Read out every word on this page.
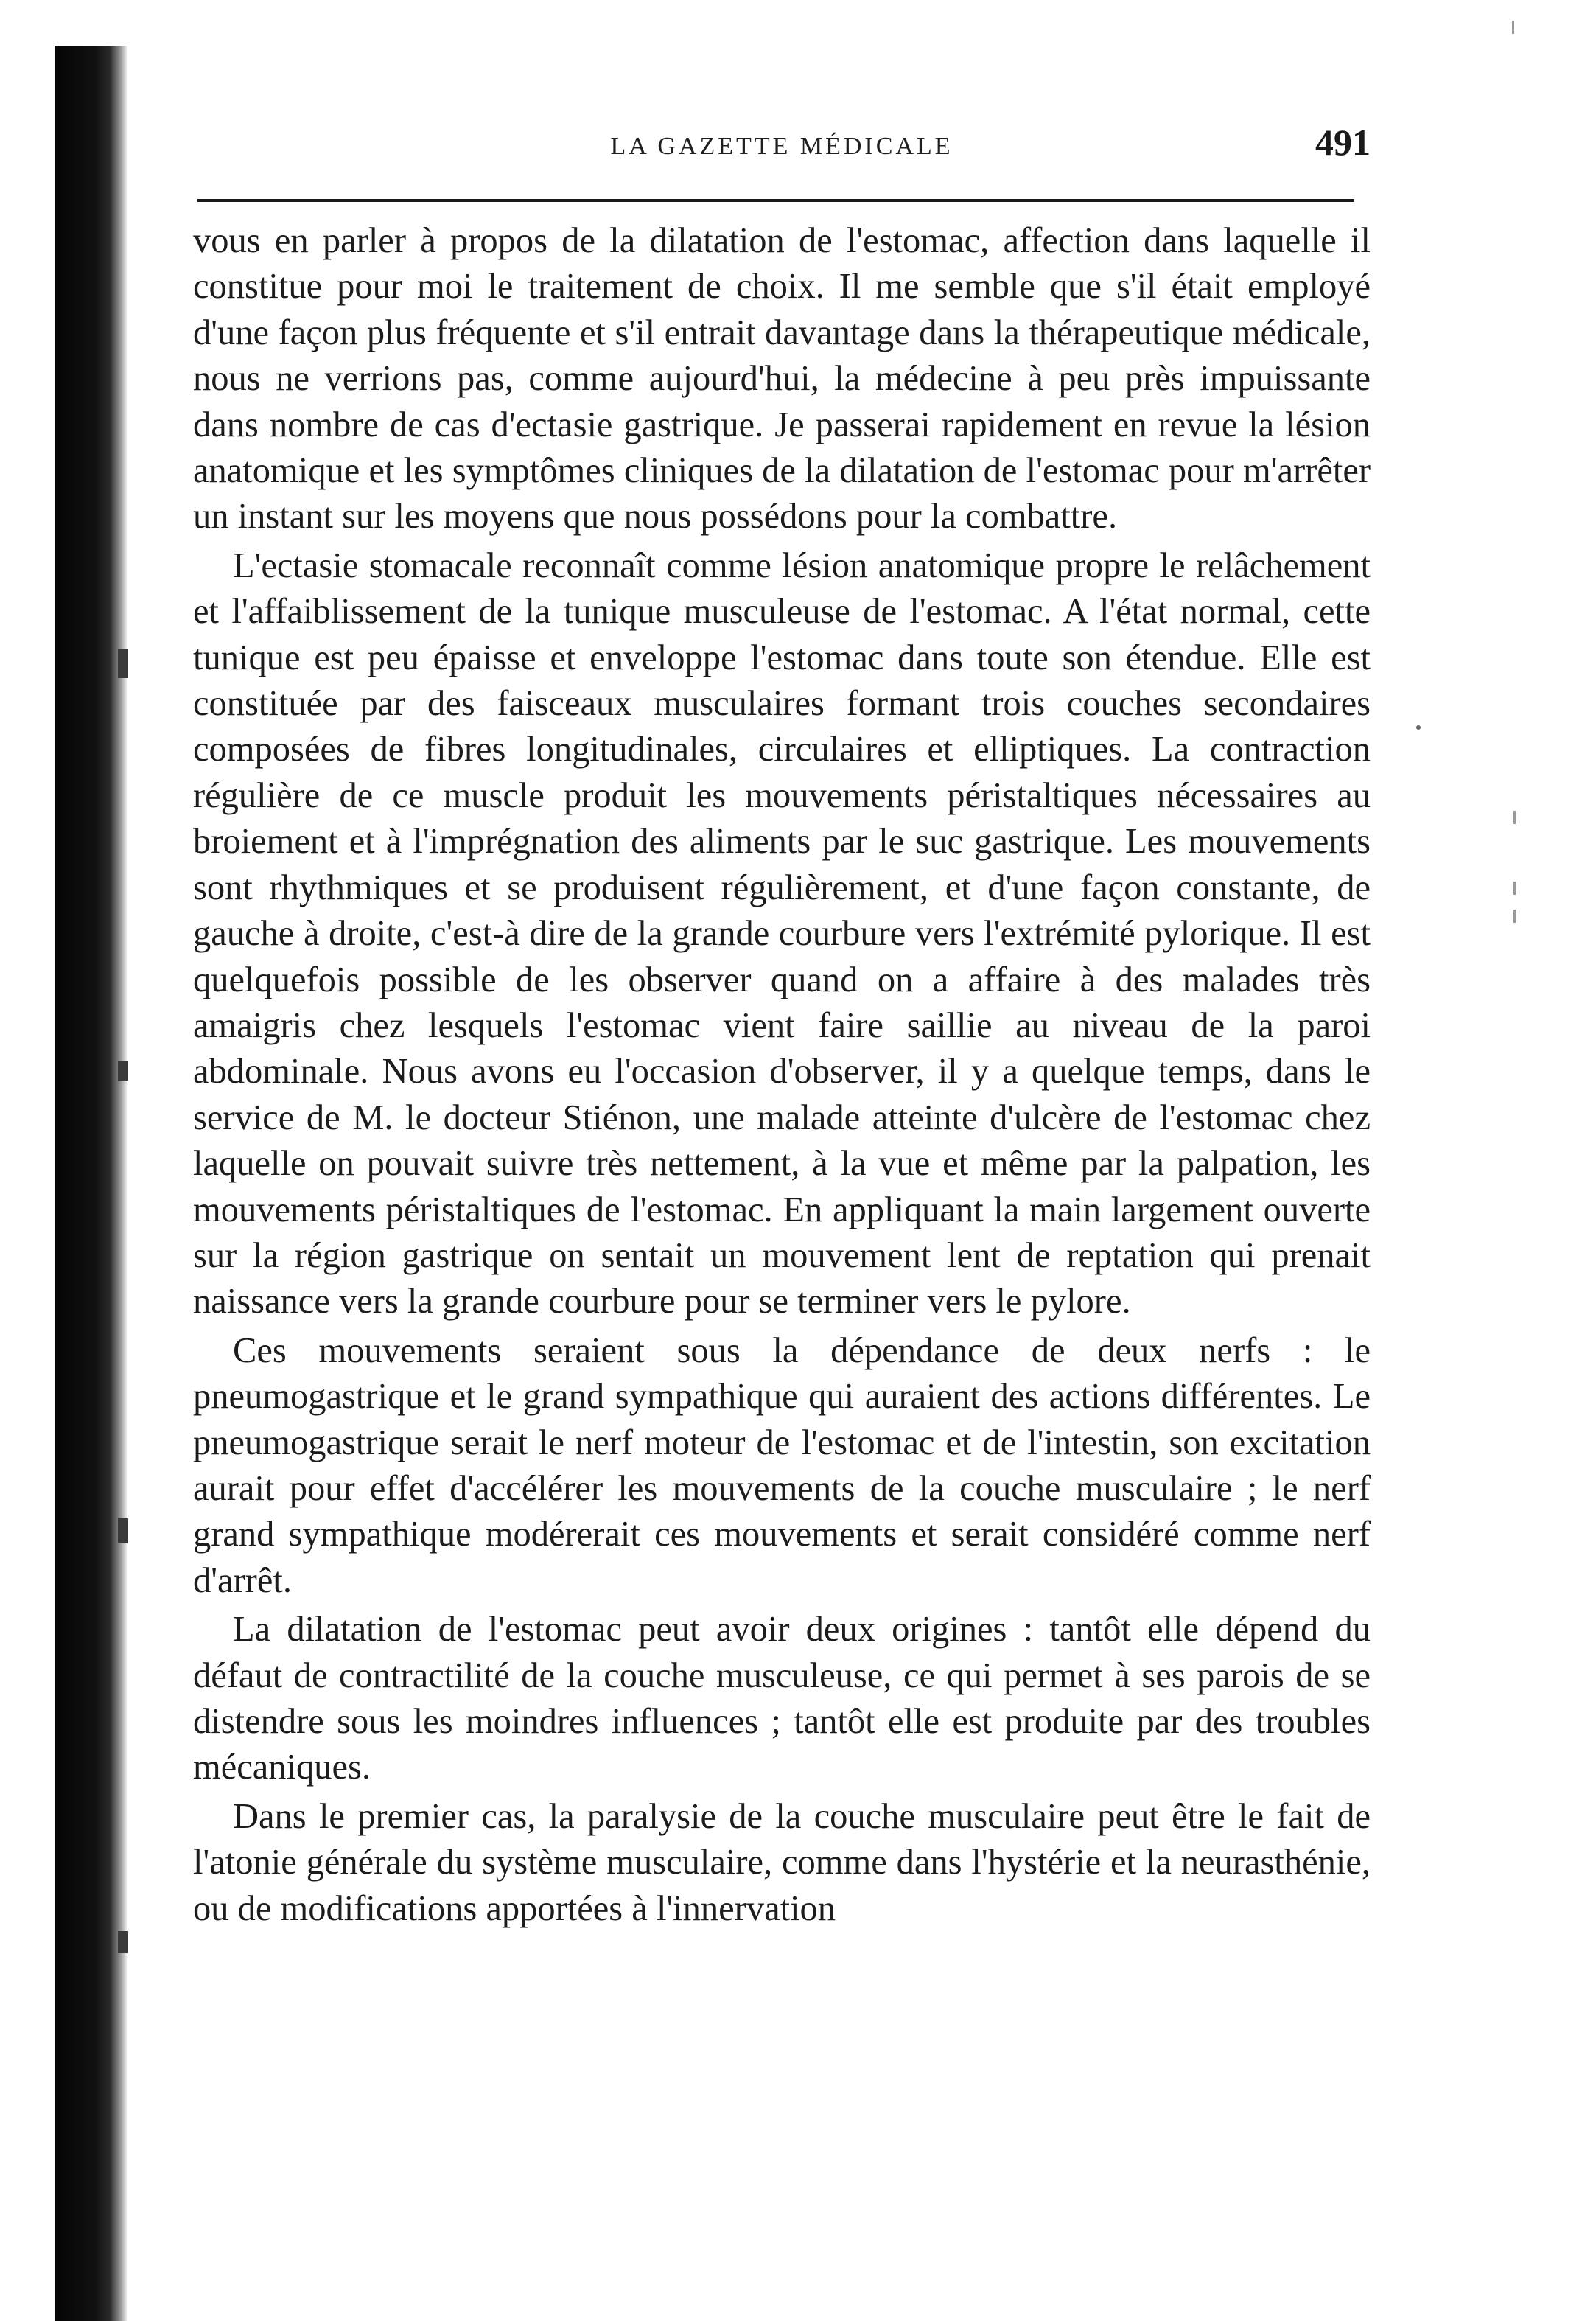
LA GAZETTE MÉDICALE	491

vous en parler à propos de la dilatation de l'estomac, affection dans laquelle il constitue pour moi le traitement de choix. Il me semble que s'il était employé d'une façon plus fréquente et s'il entrait davantage dans la thérapeutique médicale, nous ne verrions pas, comme aujourd'hui, la médecine à peu près impuissante dans nombre de cas d'ectasie gastrique. Je passerai rapidement en revue la lésion anatomique et les symptômes cliniques de la dilatation de l'estomac pour m'arrêter un instant sur les moyens que nous possédons pour la combattre.

L'ectasie stomacale reconnaît comme lésion anatomique propre le relâchement et l'affaiblissement de la tunique musculeuse de l'estomac. A l'état normal, cette tunique est peu épaisse et enveloppe l'estomac dans toute son étendue. Elle est constituée par des faisceaux musculaires formant trois couches secondaires composées de fibres longitudinales, circulaires et elliptiques. La contraction régulière de ce muscle produit les mouvements péristaltiques nécessaires au broiement et à l'imprégnation des aliments par le suc gastrique. Les mouvements sont rhythmiques et se produisent régulièrement, et d'une façon constante, de gauche à droite, c'est-à dire de la grande courbure vers l'extrémité pylorique. Il est quelquefois possible de les observer quand on a affaire à des malades très amaigris chez lesquels l'estomac vient faire saillie au niveau de la paroi abdominale. Nous avons eu l'occasion d'observer, il y a quelque temps, dans le service de M. le docteur Stiénon, une malade atteinte d'ulcère de l'estomac chez laquelle on pouvait suivre très nettement, à la vue et même par la palpation, les mouvements péristaltiques de l'estomac. En appliquant la main largement ouverte sur la région gastrique on sentait un mouvement lent de reptation qui prenait naissance vers la grande courbure pour se terminer vers le pylore.

Ces mouvements seraient sous la dépendance de deux nerfs : le pneumogastrique et le grand sympathique qui auraient des actions différentes. Le pneumogastrique serait le nerf moteur de l'estomac et de l'intestin, son excitation aurait pour effet d'accélérer les mouvements de la couche musculaire ; le nerf grand sympathique modérerait ces mouvements et serait considéré comme nerf d'arrêt.

La dilatation de l'estomac peut avoir deux origines : tantôt elle dépend du défaut de contractilité de la couche musculeuse, ce qui permet à ses parois de se distendre sous les moindres influences ; tantôt elle est produite par des troubles mécaniques.

Dans le premier cas, la paralysie de la couche musculaire peut être le fait de l'atonie générale du système musculaire, comme dans l'hystérie et la neurasthénie, ou de modifications apportées à l'innervation
